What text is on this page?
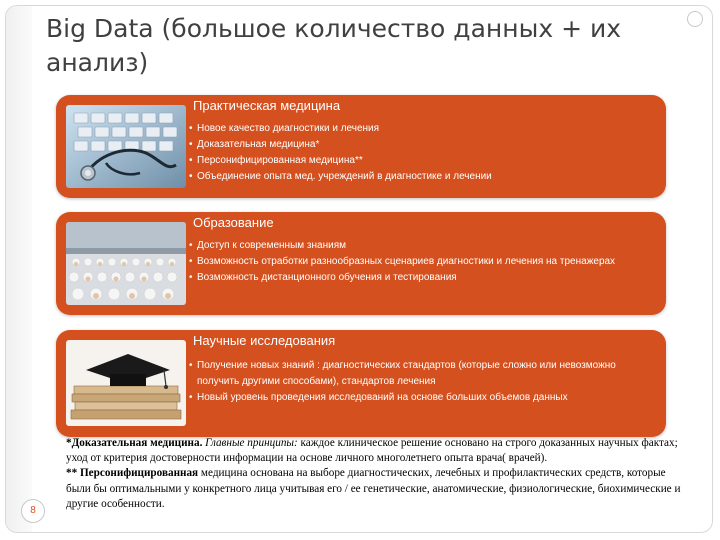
Big Data (большое количество данных + их анализ)
Практическая медицина
• Новое качество диагностики и лечения
• Доказательная медицина*
• Персонифицированная медицина**
• Объединение опыта мед. учреждений в диагностике и лечении
Образование
• Доступ к современным знаниям
• Возможность отработки разнообразных сценариев диагностики и лечения на тренажерах
• Возможность дистанционного обучения и тестирования
Научные исследования
• Получение новых знаний : диагностических стандартов (которые сложно или невозможно получить другими способами), стандартов лечения
• Новый уровень проведения исследований на основе больших объемов данных

*Доказательная медицина. Главные принципы: каждое клиническое решение основано на строго доказанных научных фактах; уход от критерия достоверности информации на основе личного многолетнего опыта врача( врачей).

** Персонифицированная медицина основана на выборе диагностических, лечебных и профилактических средств, которые были бы оптимальными у конкретного лица учитывая его / ее генетические, анатомические, физиологические, биохимические и другие особенности.

8
